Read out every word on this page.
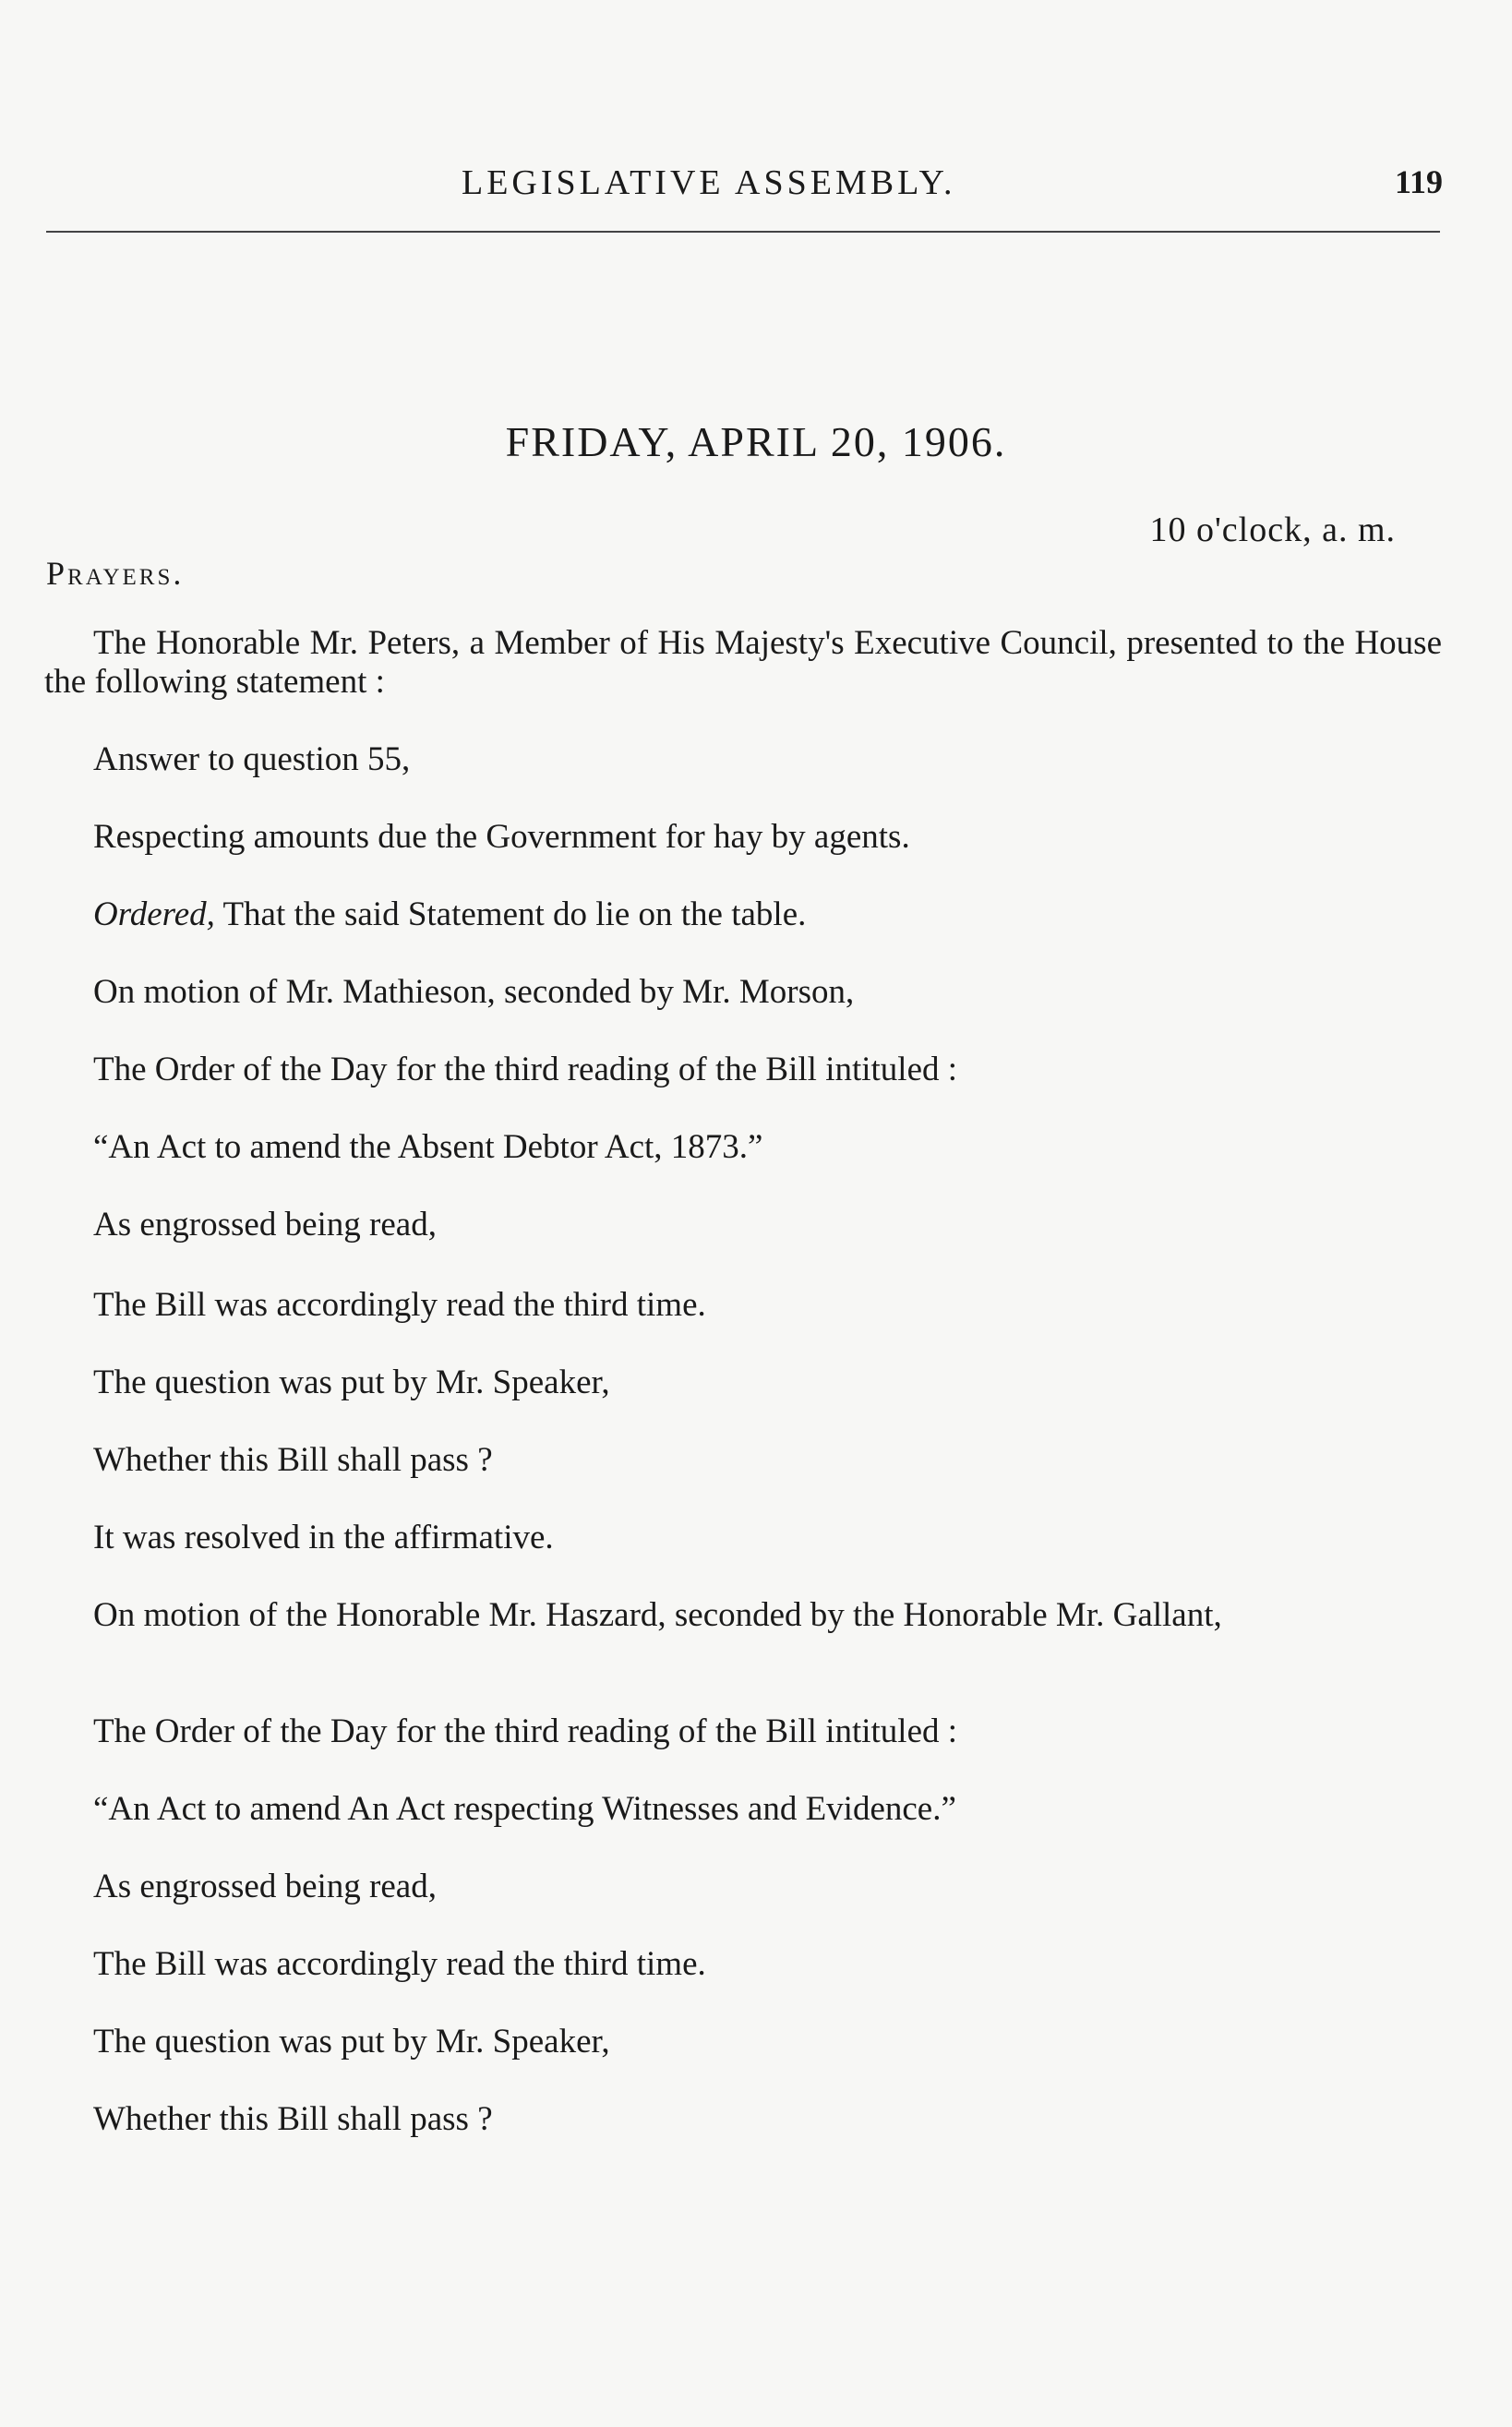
LEGISLATIVE ASSEMBLY.	119
FRIDAY, APRIL 20, 1906.
10 o'clock, a. m.
Prayers.

The Honorable Mr. Peters, a Member of His Majesty's Executive Council, presented to the House the following statement :

Answer to question 55,

Respecting amounts due the Government for hay by agents.

Ordered, That the said Statement do lie on the table.

On motion of Mr. Mathieson, seconded by Mr. Morson,

The Order of the Day for the third reading of the Bill intituled :

“An Act to amend the Absent Debtor Act, 1873.”

As engrossed being read,

The Bill was accordingly read the third time.

The question was put by Mr. Speaker,

Whether this Bill shall pass ?

It was resolved in the affirmative.

On motion of the Honorable Mr. Haszard, seconded by the Honorable Mr. Gallant,

The Order of the Day for the third reading of the Bill intituled :

“An Act to amend An Act respecting Witnesses and Evidence.”

As engrossed being read,

The Bill was accordingly read the third time.

The question was put by Mr. Speaker,

Whether this Bill shall pass ?
